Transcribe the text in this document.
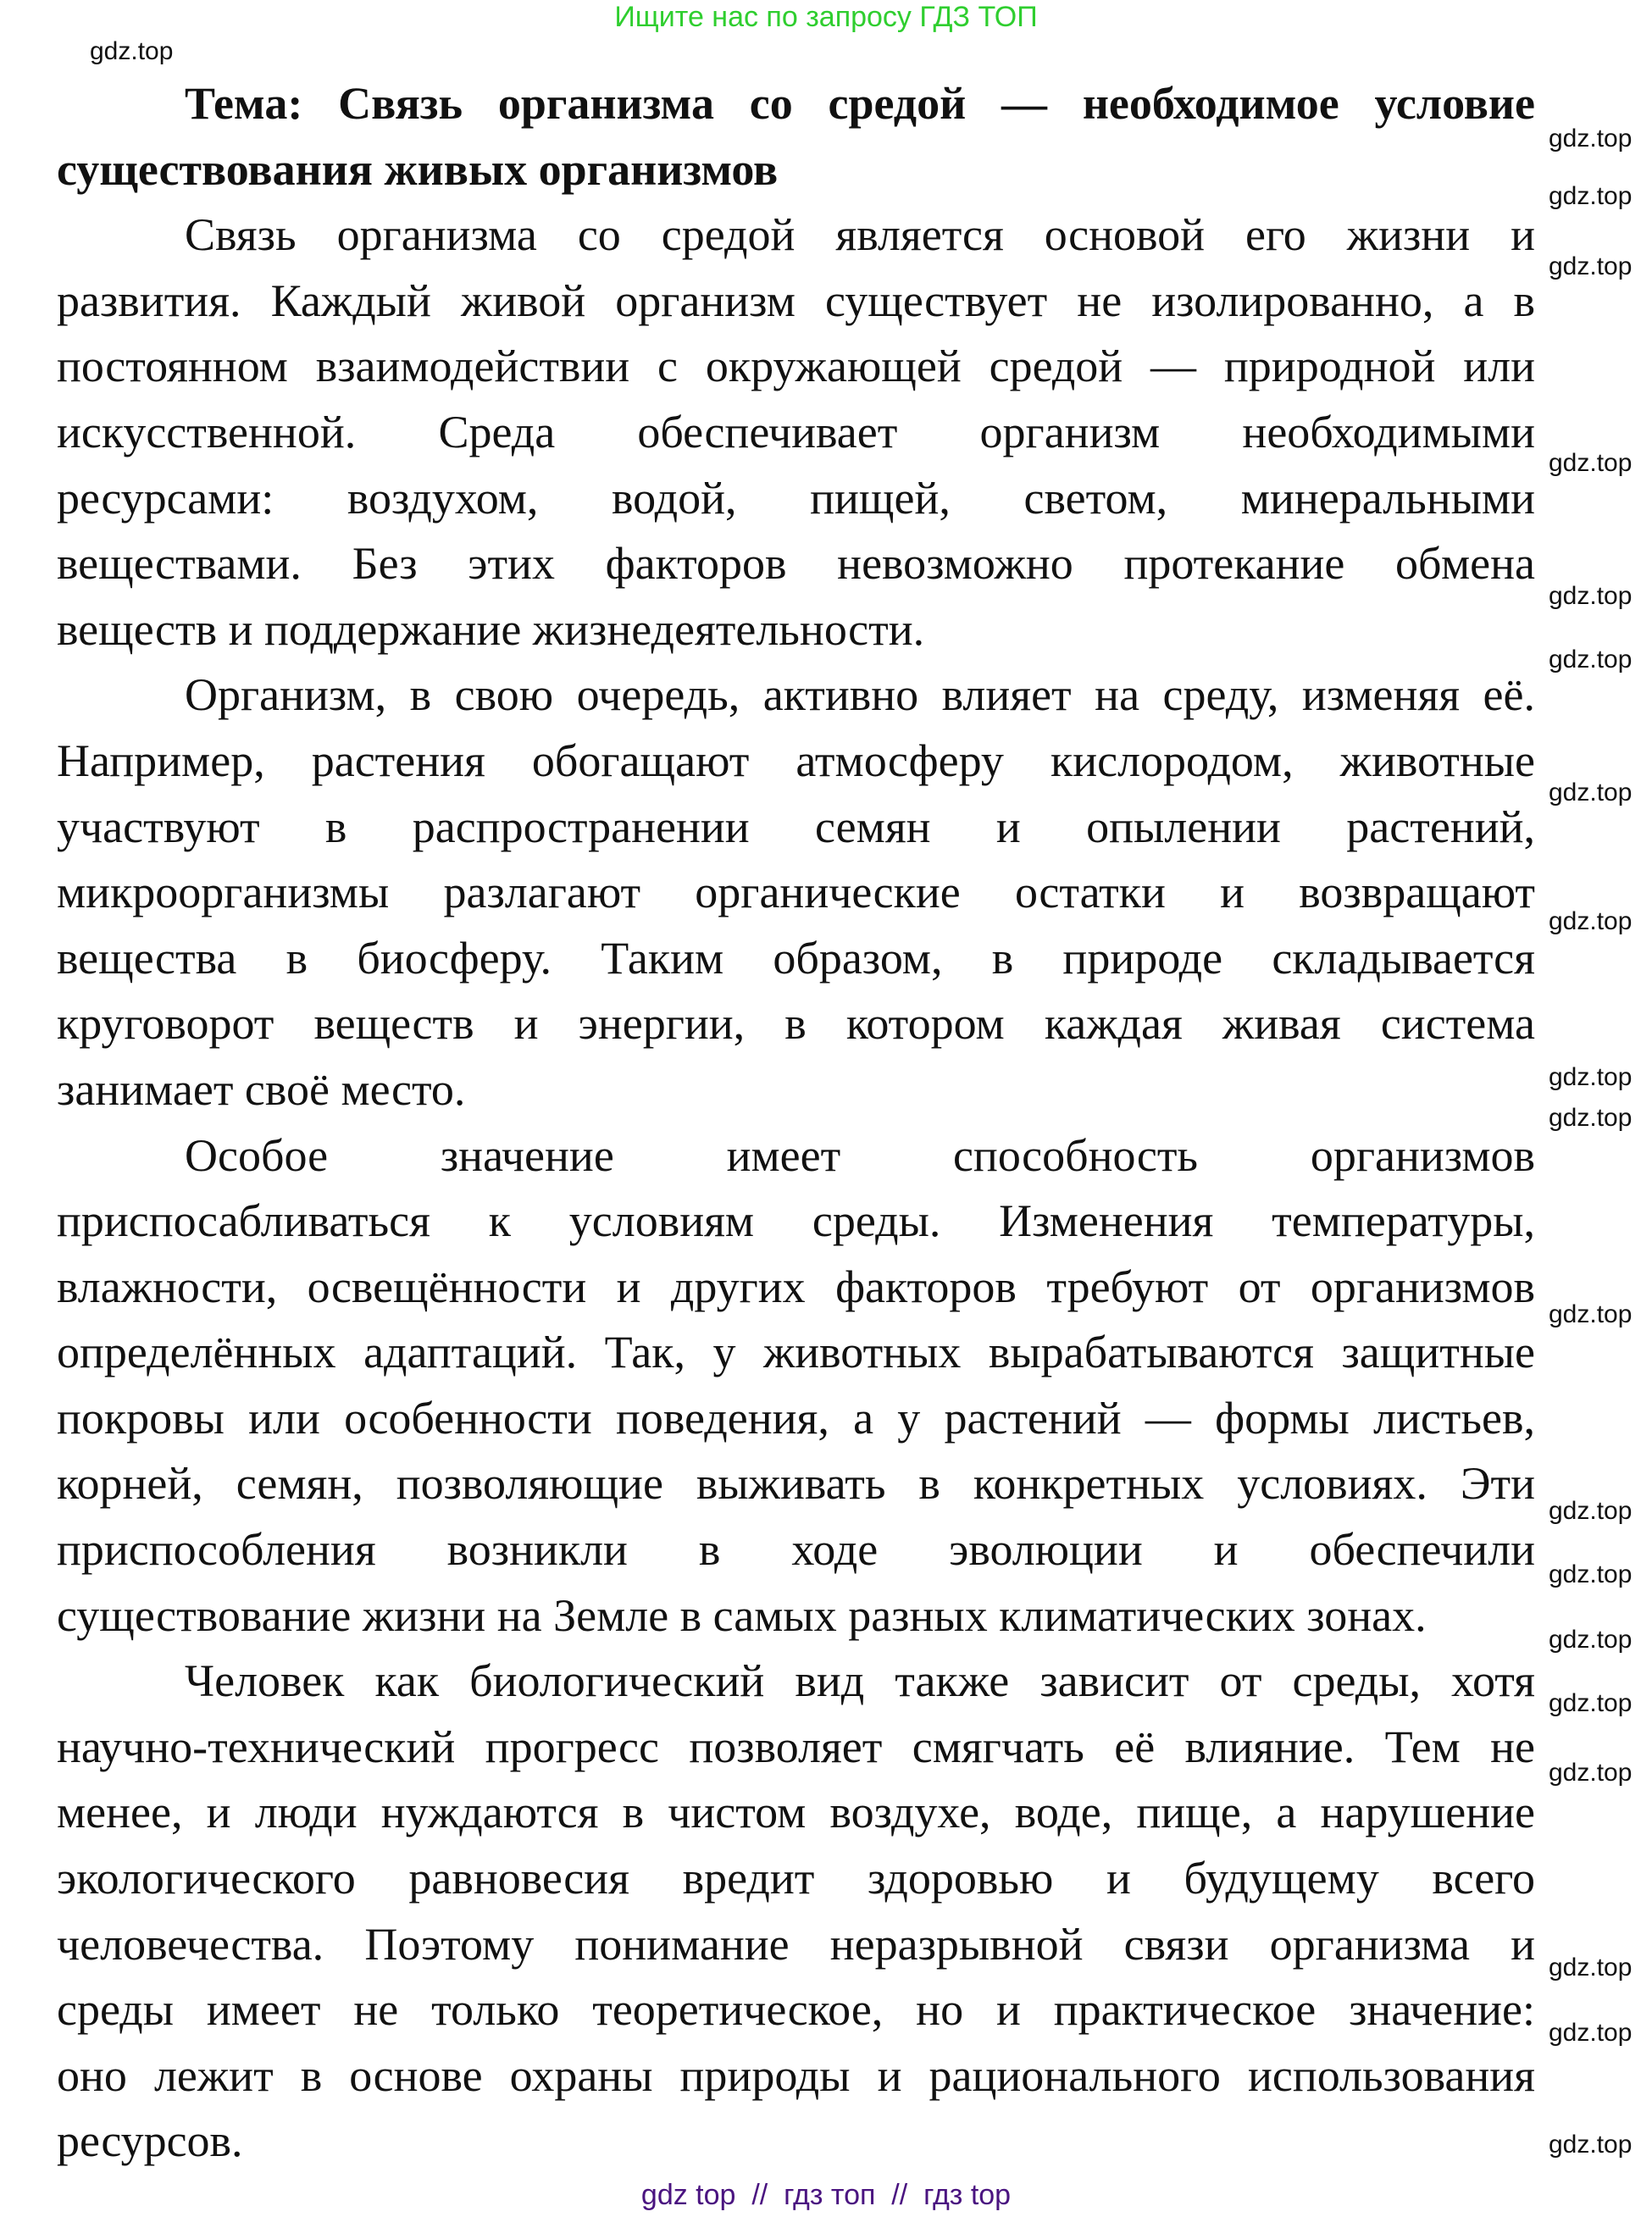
Ищите нас по запросу ГДЗ ТОП
Тема: Связь организма со средой — необходимое условие
существования живых организмов
Связь организма со средой является основой его жизни и
развития. Каждый живой организм существует не изолированно, а в
постоянном взаимодействии с окружающей средой — природной или
искусственной. Среда обеспечивает организм необходимыми
ресурсами: воздухом, водой, пищей, светом, минеральными
веществами. Без этих факторов невозможно протекание обмена
веществ и поддержание жизнедеятельности.
Организм, в свою очередь, активно влияет на среду, изменяя её.
Например, растения обогащают атмосферу кислородом, животные
участвуют в распространении семян и опылении растений,
микроорганизмы разлагают органические остатки и возвращают
вещества в биосферу. Таким образом, в природе складывается
круговорот веществ и энергии, в котором каждая живая система
занимает своё место.
Особое значение имеет способность организмов
приспосабливаться к условиям среды. Изменения температуры,
влажности, освещённости и других факторов требуют от организмов
определённых адаптаций. Так, у животных вырабатываются защитные
покровы или особенности поведения, а у растений — формы листьев,
корней, семян, позволяющие выживать в конкретных условиях. Эти
приспособления возникли в ходе эволюции и обеспечили
существование жизни на Земле в самых разных климатических зонах.
Человек как биологический вид также зависит от среды, хотя
научно-технический прогресс позволяет смягчать её влияние. Тем не
менее, и люди нуждаются в чистом воздухе, воде, пище, а нарушение
экологического равновесия вредит здоровью и будущему всего
человечества. Поэтому понимание неразрывной связи организма и
среды имеет не только теоретическое, но и практическое значение:
оно лежит в основе охраны природы и рационального использования
ресурсов.
gdz top  //  гдз топ  //  гдз top
gdz.top
gdz.top
gdz.top
gdz.top
gdz.top
gdz.top
gdz.top
gdz.top
gdz.top
gdz.top
gdz.top
gdz.top
gdz.top
gdz.top
gdz.top
gdz.top
gdz.top
gdz.top
gdz.top
gdz.top
